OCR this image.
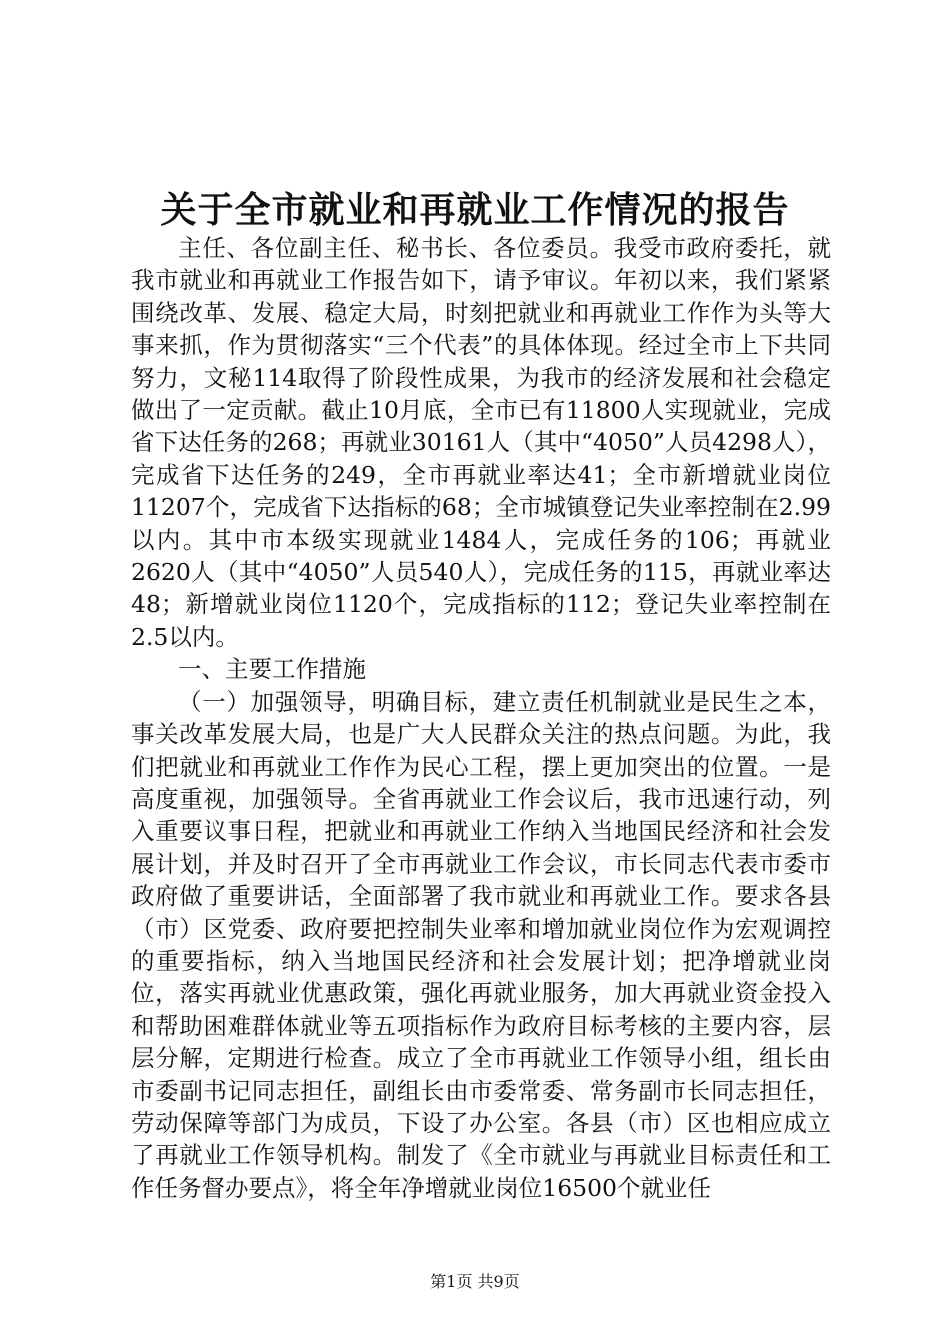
关于全市就业和再就业工作情况的报告

主任、各位副主任、秘书长、各位委员。我受市政府委托，就我市就业和再就业工作报告如下，请予审议。年初以来，我们紧紧围绕改革、发展、稳定大局，时刻把就业和再就业工作作为头等大事来抓，作为贯彻落实“三个代表”的具体体现。经过全市上下共同努力，文秘114取得了阶段性成果，为我市的经济发展和社会稳定做出了一定贡献。截止10月底，全市已有11800人实现就业，完成省下达任务的268；再就业30161人（其中“4050”人员4298人），完成省下达任务的249，全市再就业率达41；全市新增就业岗位11207个，完成省下达指标的68；全市城镇登记失业率控制在2.99以内。其中市本级实现就业1484人，完成任务的106；再就业2620人（其中“4050”人员540人），完成任务的115，再就业率达48；新增就业岗位1120个，完成指标的112；登记失业率控制在2.5以内。

一、主要工作措施

（一）加强领导，明确目标，建立责任机制就业是民生之本，事关改革发展大局，也是广大人民群众关注的热点问题。为此，我们把就业和再就业工作作为民心工程，摆上更加突出的位置。一是高度重视，加强领导。全省再就业工作会议后，我市迅速行动，列入重要议事日程，把就业和再就业工作纳入当地国民经济和社会发展计划，并及时召开了全市再就业工作会议，市长同志代表市委市政府做了重要讲话，全面部署了我市就业和再就业工作。要求各县（市）区党委、政府要把控制失业率和增加就业岗位作为宏观调控的重要指标，纳入当地国民经济和社会发展计划；把净增就业岗位，落实再就业优惠政策，强化再就业服务，加大再就业资金投入和帮助困难群体就业等五项指标作为政府目标考核的主要内容，层层分解，定期进行检查。成立了全市再就业工作领导小组，组长由市委副书记同志担任，副组长由市委常委、常务副市长同志担任，劳动保障等部门为成员，下设了办公室。各县（市）区也相应成立了再就业工作领导机构。制发了《全市就业与再就业目标责任和工作任务督办要点》，将全年净增就业岗位16500个就业任

第1页 共9页
